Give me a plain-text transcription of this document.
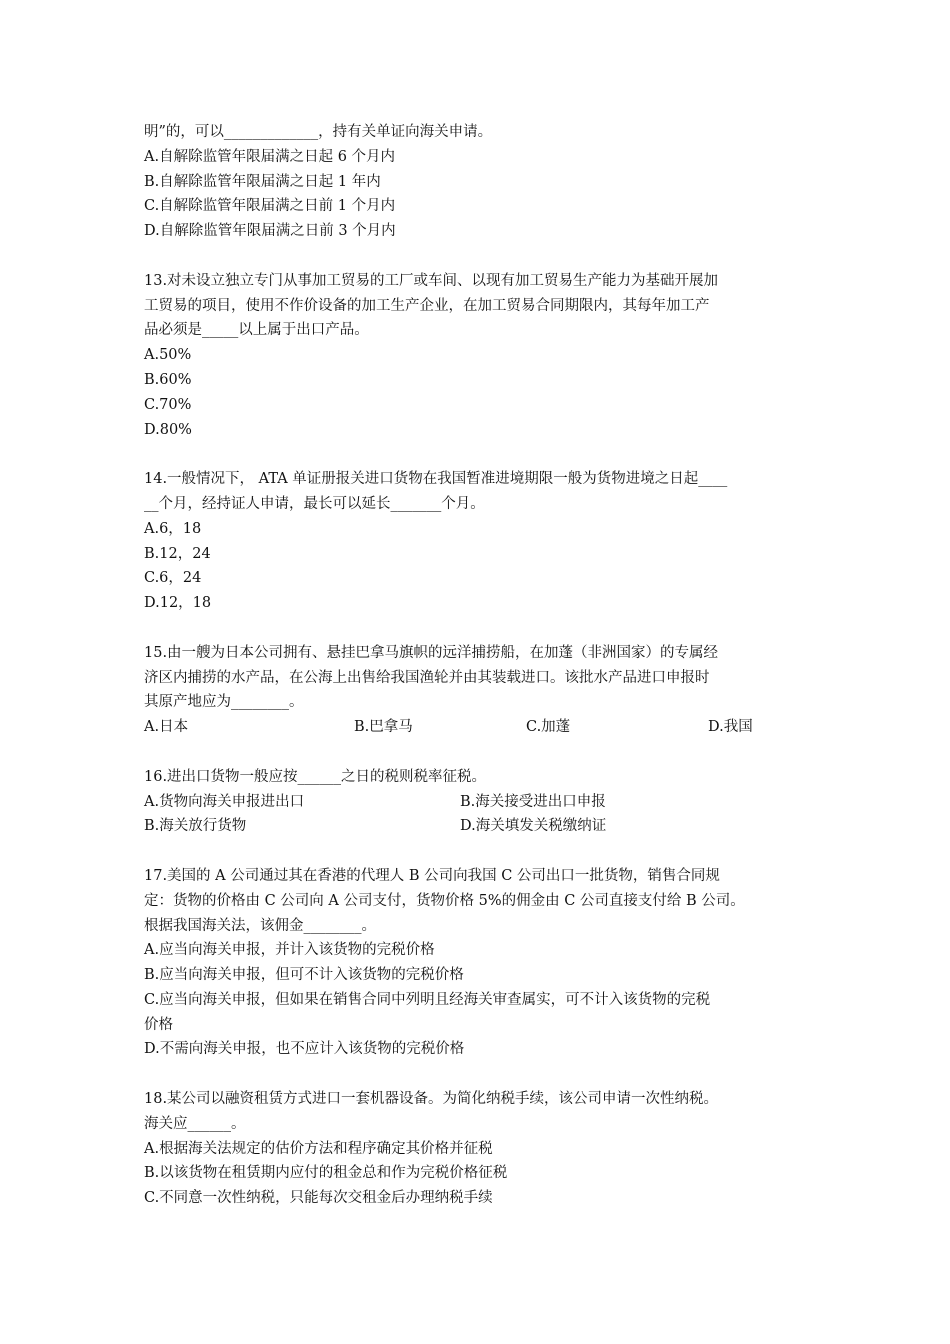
明”的，可以_____________，持有关单证向海关申请。
A.自解除监管年限届满之日起 6 个月内
B.自解除监管年限届满之日起 1 年内
C.自解除监管年限届满之日前 1 个月内
D.自解除监管年限届满之日前 3 个月内
13.对未设立独立专门从事加工贸易的工厂或车间、以现有加工贸易生产能力为基础开展加
工贸易的项目，使用不作价设备的加工生产企业，在加工贸易合同期限内，其每年加工产
品必须是_____以上属于出口产品。
A.50%
B.60%
C.70%
D.80%
14.一般情况下， ATA 单证册报关进口货物在我国暂准进境期限一般为货物进境之日起____
__个月，经持证人申请，最长可以延长_______个月。
A.6，18
B.12，24
C.6，24
D.12，18
15.由一艘为日本公司拥有、悬挂巴拿马旗帜的远洋捕捞船，在加蓬（非洲国家）的专属经
济区内捕捞的水产品，在公海上出售给我国渔轮并由其装载进口。该批水产品进口申报时
其原产地应为________。
A.日本	B.巴拿马	C.加蓬	D.我国
16.进出口货物一般应按______之日的税则税率征税。
A.货物向海关申报进出口	B.海关接受进出口申报
B.海关放行货物	D.海关填发关税缴纳证
17.美国的 A 公司通过其在香港的代理人 B 公司向我国 C 公司出口一批货物，销售合同规
定：货物的价格由 C 公司向 A 公司支付，货物价格 5%的佣金由 C 公司直接支付给 B 公司。
根据我国海关法，该佣金________。
A.应当向海关申报，并计入该货物的完税价格
B.应当向海关申报，但可不计入该货物的完税价格
C.应当向海关申报，但如果在销售合同中列明且经海关审查属实，可不计入该货物的完税
价格
D.不需向海关申报，也不应计入该货物的完税价格
18.某公司以融资租赁方式进口一套机器设备。为简化纳税手续，该公司申请一次性纳税。
海关应______。
A.根据海关法规定的估价方法和程序确定其价格并征税
B.以该货物在租赁期内应付的租金总和作为完税价格征税
C.不同意一次性纳税，只能每次交租金后办理纳税手续
